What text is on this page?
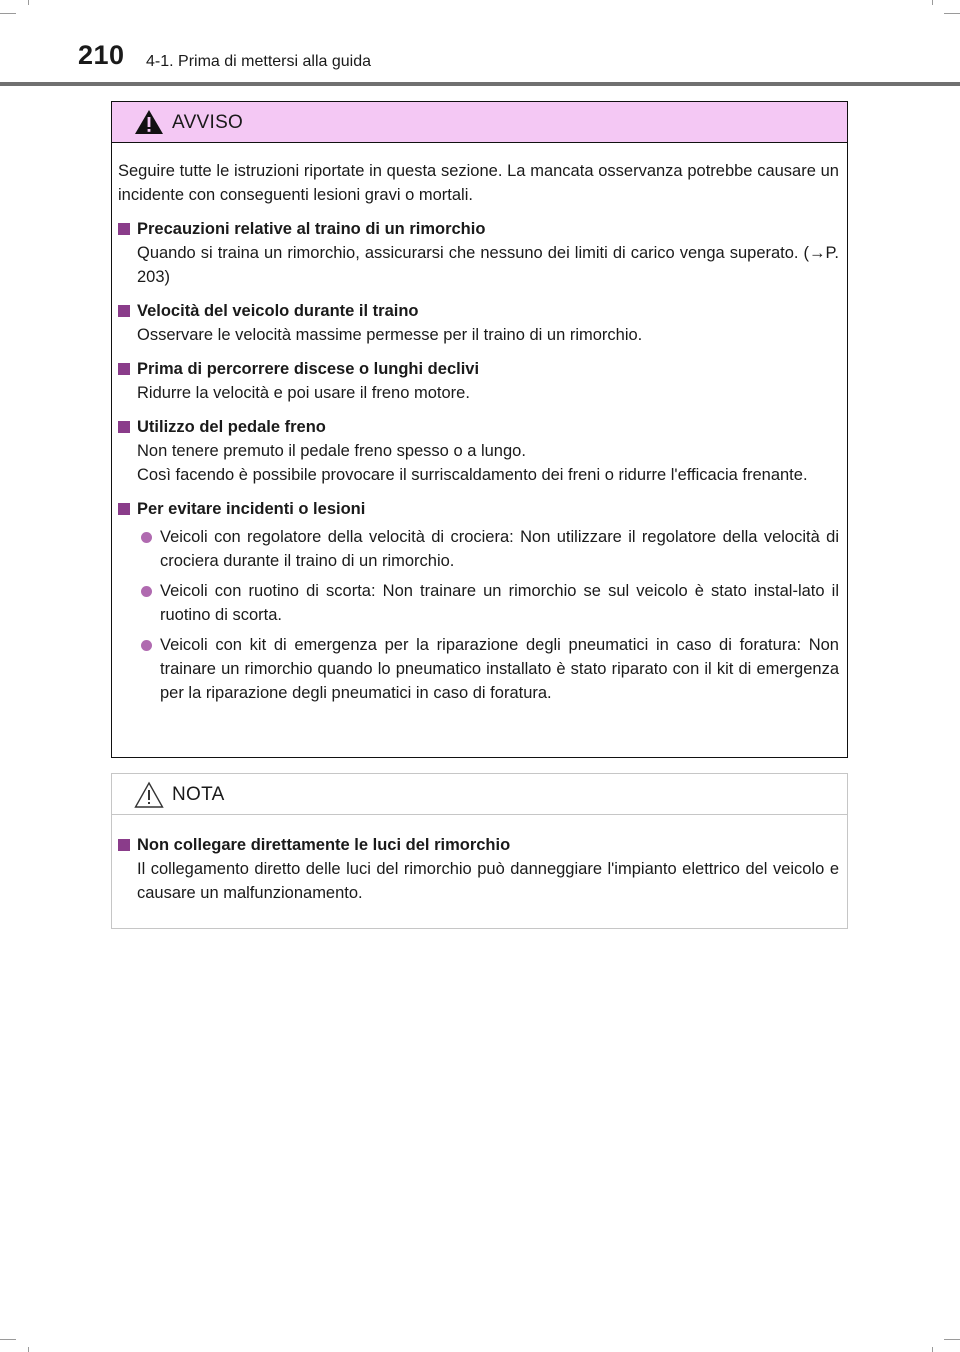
210 4-1. Prima di mettersi alla guida
AVVISO

Seguire tutte le istruzioni riportate in questa sezione. La mancata osservanza potrebbe causare un incidente con conseguenti lesioni gravi o mortali.

Precauzioni relative al traino di un rimorchio
Quando si traina un rimorchio, assicurarsi che nessuno dei limiti di carico venga superato. (→P. 203)
Velocità del veicolo durante il traino
Osservare le velocità massime permesse per il traino di un rimorchio.
Prima di percorrere discese o lunghi declivi
Ridurre la velocità e poi usare il freno motore.
Utilizzo del pedale freno
Non tenere premuto il pedale freno spesso o a lungo.
Così facendo è possibile provocare il surriscaldamento dei freni o ridurre l'efficacia frenante.
Per evitare incidenti o lesioni
Veicoli con regolatore della velocità di crociera: Non utilizzare il regolatore della velocità di crociera durante il traino di un rimorchio.
Veicoli con ruotino di scorta: Non trainare un rimorchio se sul veicolo è stato instal-lato il ruotino di scorta.
Veicoli con kit di emergenza per la riparazione degli pneumatici in caso di foratura: Non trainare un rimorchio quando lo pneumatico installato è stato riparato con il kit di emergenza per la riparazione degli pneumatici in caso di foratura.
NOTA
Non collegare direttamente le luci del rimorchio
Il collegamento diretto delle luci del rimorchio può danneggiare l'impianto elettrico del veicolo e causare un malfunzionamento.
